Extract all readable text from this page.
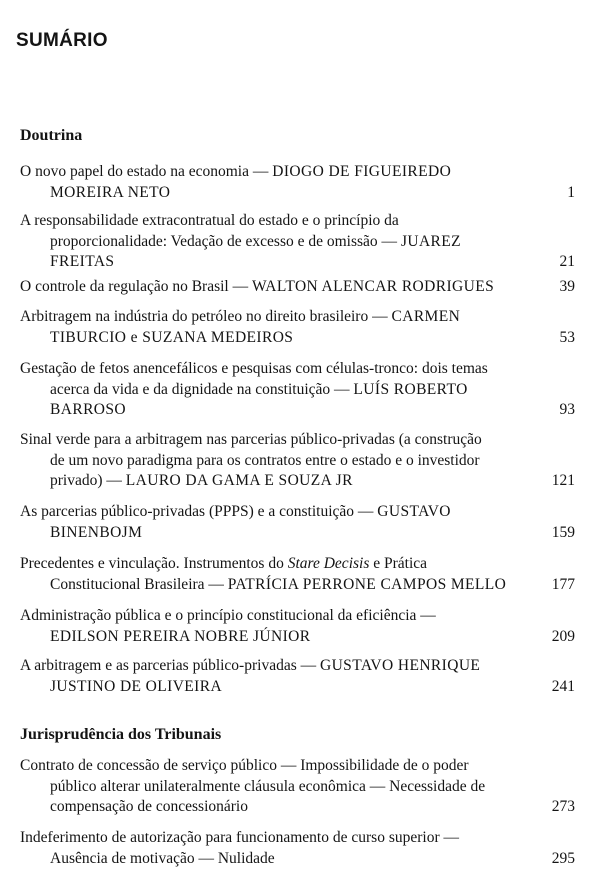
SUMÁRIO
Doutrina
O novo papel do estado na economia — DIOGO DE FIGUEIREDO
MOREIRA NETO	1
A responsabilidade extracontratual do estado e o princípio da
proporcionalidade: Vedação de excesso e de omissão — JUAREZ
FREITAS	21
O controle da regulação no Brasil — WALTON ALENCAR RODRIGUES	39
Arbitragem na indústria do petróleo no direito brasileiro — CARMEN
TIBURCIO e SUZANA MEDEIROS	53
Gestação de fetos anencefálicos e pesquisas com células-tronco: dois temas
acerca da vida e da dignidade na constituição — LUÍS ROBERTO
BARROSO	93
Sinal verde para a arbitragem nas parcerias público-privadas (a construção
de um novo paradigma para os contratos entre o estado e o investidor
privado) — LAURO DA GAMA E SOUZA JR	121
As parcerias público-privadas (PPPS) e a constituição — GUSTAVO
BINENBOJM	159
Precedentes e vinculação. Instrumentos do Stare Decisis e Prática
Constitucional Brasileira — PATRÍCIA PERRONE CAMPOS MELLO	177
Administração pública e o princípio constitucional da eficiência —
EDILSON PEREIRA NOBRE JÚNIOR	209
A arbitragem e as parcerias público-privadas — GUSTAVO HENRIQUE
JUSTINO DE OLIVEIRA	241
Jurisprudência dos Tribunais
Contrato de concessão de serviço público — Impossibilidade de o poder
público alterar unilateralmente cláusula econômica — Necessidade de
compensação de concessionário	273
Indeferimento de autorização para funcionamento de curso superior —
Ausência de motivação — Nulidade	295
